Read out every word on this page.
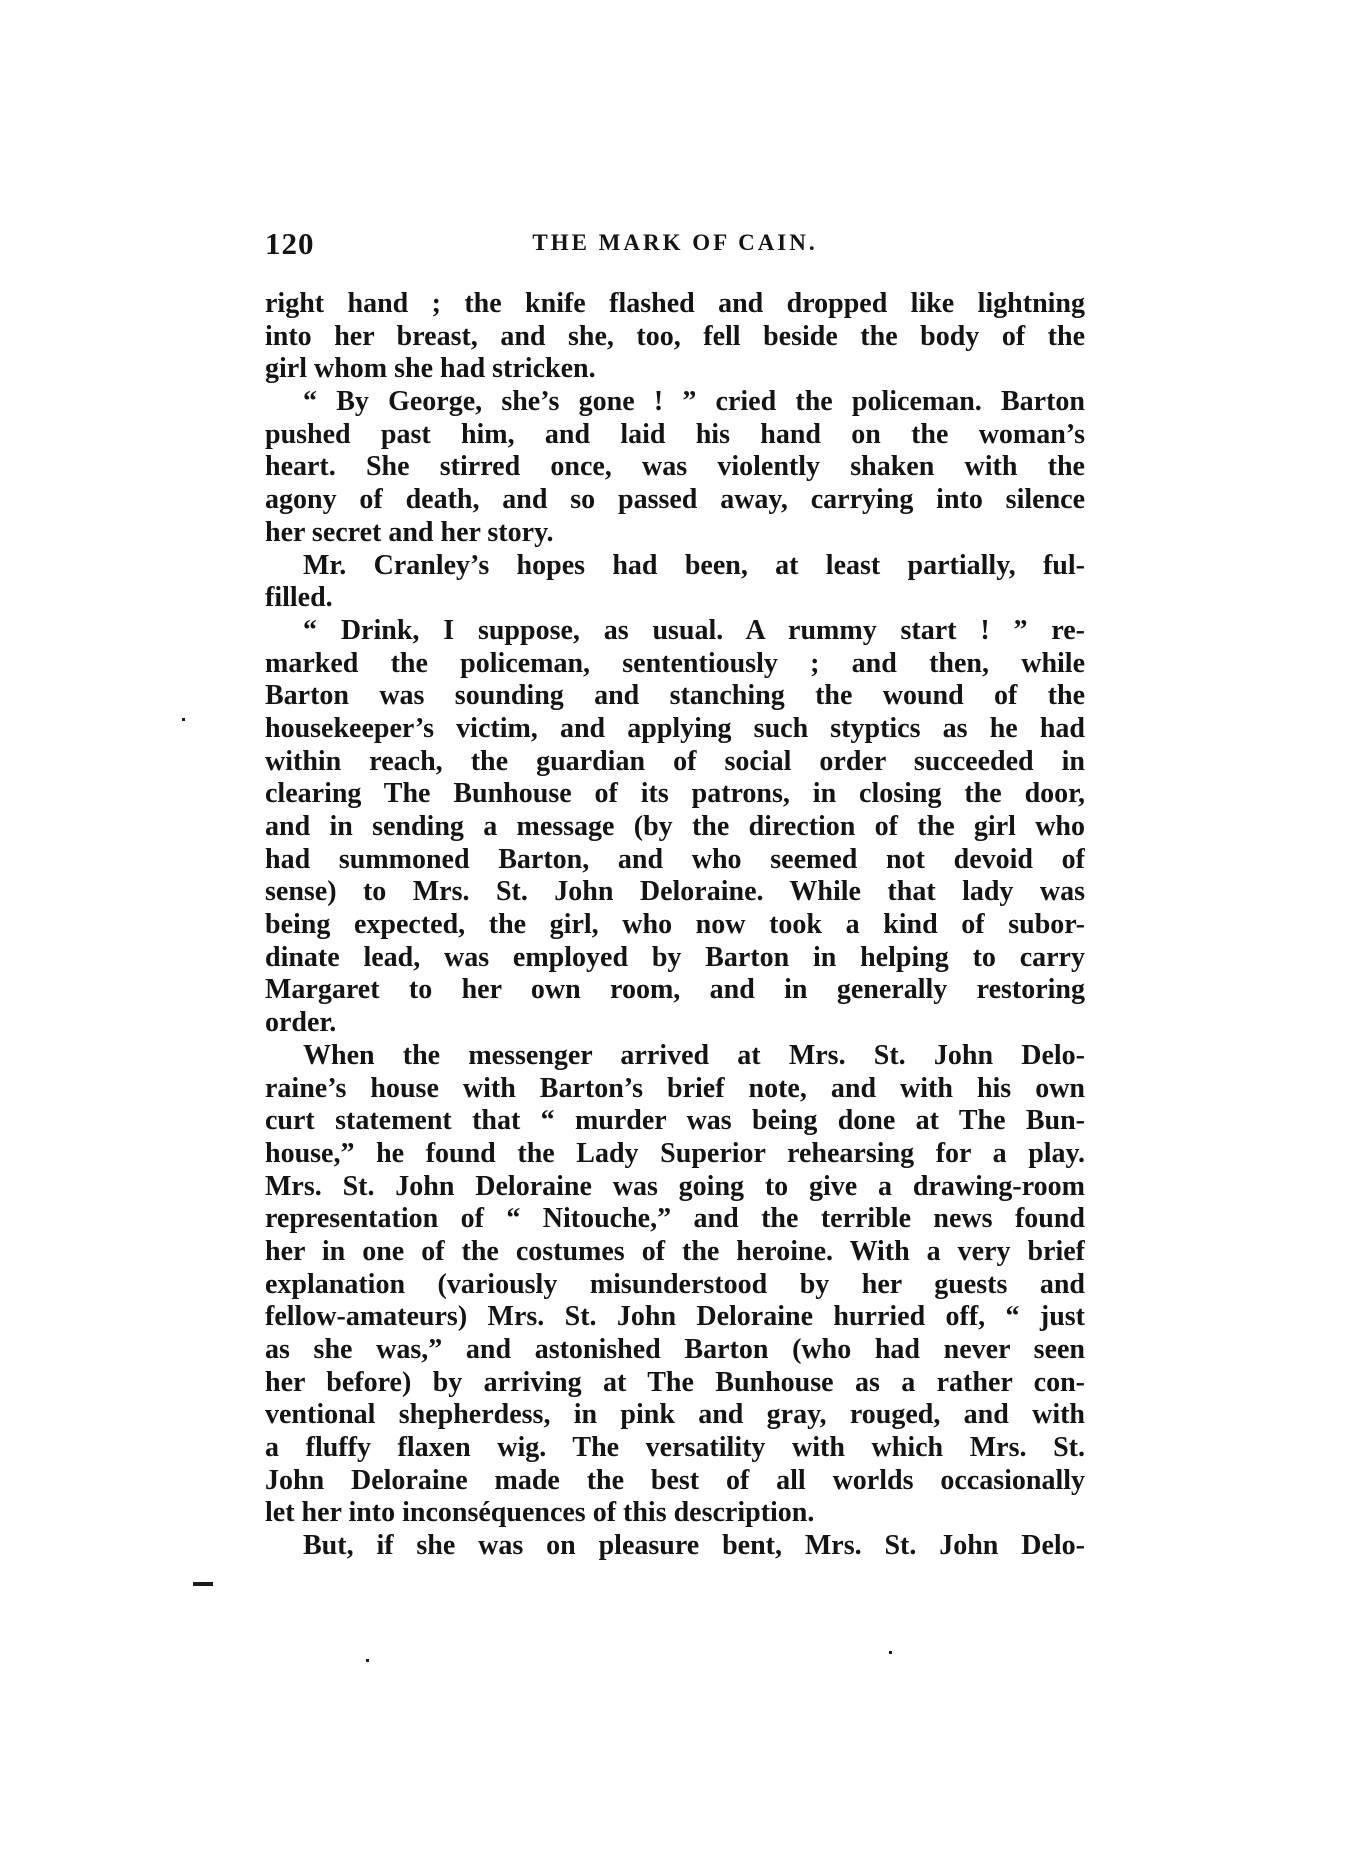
120	THE MARK OF CAIN.
right hand ; the knife flashed and dropped like lightning
into her breast, and she, too, fell beside the body of the
girl whom she had stricken.
“ By George, she’s gone ! ” cried the policeman. Barton
pushed past him, and laid his hand on the woman’s
heart. She stirred once, was violently shaken with the
agony of death, and so passed away, carrying into silence
her secret and her story.
Mr. Cranley’s hopes had been, at least partially, ful-
filled.
“ Drink, I suppose, as usual. A rummy start ! ” re-
marked the policeman, sententiously ; and then, while
Barton was sounding and stanching the wound of the
housekeeper’s victim, and applying such styptics as he had
within reach, the guardian of social order succeeded in
clearing The Bunhouse of its patrons, in closing the door,
and in sending a message (by the direction of the girl who
had summoned Barton, and who seemed not devoid of
sense) to Mrs. St. John Deloraine. While that lady was
being expected, the girl, who now took a kind of subor-
dinate lead, was employed by Barton in helping to carry
Margaret to her own room, and in generally restoring
order.
When the messenger arrived at Mrs. St. John Delo-
raine’s house with Barton’s brief note, and with his own
curt statement that “ murder was being done at The Bun-
house,” he found the Lady Superior rehearsing for a play.
Mrs. St. John Deloraine was going to give a drawing-room
representation of “ Nitouche,” and the terrible news found
her in one of the costumes of the heroine. With a very brief
explanation (variously misunderstood by her guests and
fellow-amateurs) Mrs. St. John Deloraine hurried off, “ just
as she was,” and astonished Barton (who had never seen
her before) by arriving at The Bunhouse as a rather con-
ventional shepherdess, in pink and gray, rouged, and with
a fluffy flaxen wig. The versatility with which Mrs. St.
John Deloraine made the best of all worlds occasionally
let her into inconséquences of this description.
But, if she was on pleasure bent, Mrs. St. John Delo-
